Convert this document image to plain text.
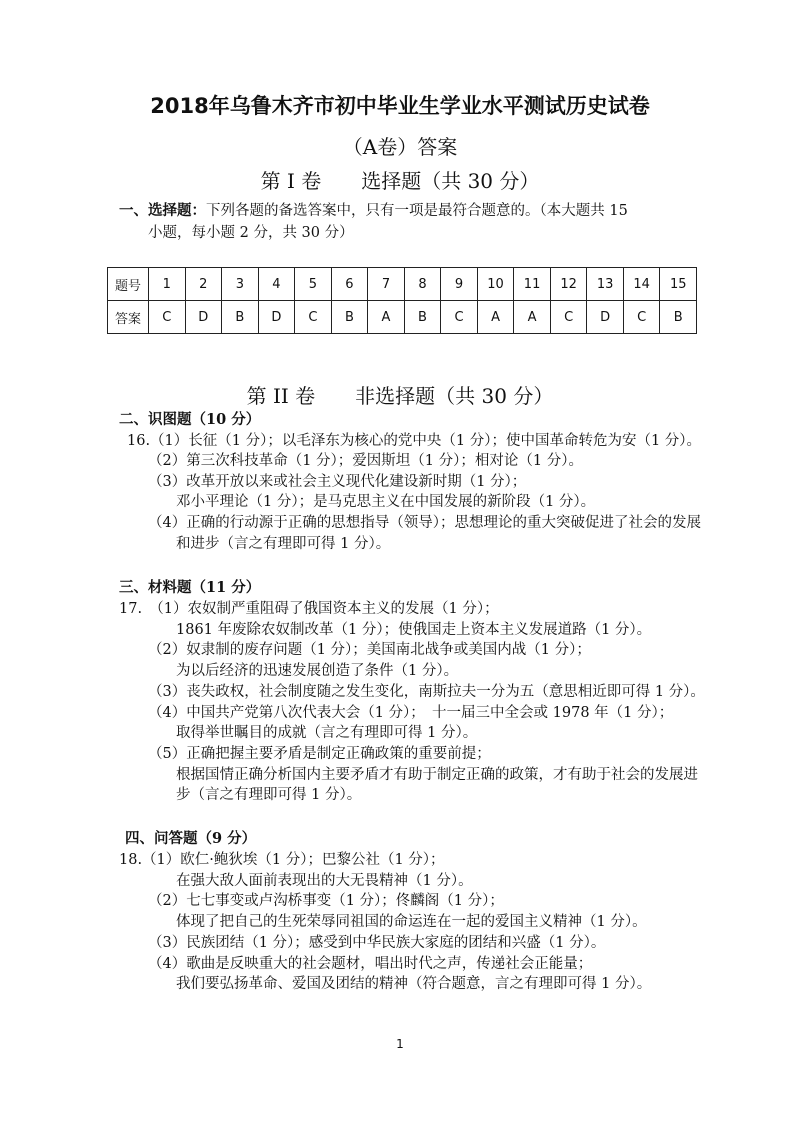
2018年乌鲁木齐市初中毕业生学业水平测试历史试卷
（A卷）答案
第 I 卷　　选择题（共 30 分）
一、选择题：下列各题的备选答案中，只有一项是最符合题意的。（本大题共 15
小题，每小题 2 分，共 30 分）
题号	1	2	3	4	5	6	7	8	9	10	11	12	13	14	15
答案	C	D	B	D	C	B	A	B	C	A	A	C	D	C	B
第 II 卷　　非选择题（共 30 分）
二、识图题（10 分）
16.（1）长征（1 分）；以毛泽东为核心的党中央（1 分）；使中国革命转危为安（1 分）。
（2）第三次科技革命（1 分）；爱因斯坦（1 分）；相对论（1 分）。
（3）改革开放以来或社会主义现代化建设新时期（1 分）；
邓小平理论（1 分）；是马克思主义在中国发展的新阶段（1 分）。
（4）正确的行动源于正确的思想指导（领导）；思想理论的重大突破促进了社会的发展
和进步（言之有理即可得 1 分）。
三、材料题（11 分）
17.　（1）农奴制严重阻碍了俄国资本主义的发展（1 分）；
1861 年废除农奴制改革（1 分）；使俄国走上资本主义发展道路（1 分）。
（2）奴隶制的废存问题（1 分）；美国南北战争或美国内战（1 分）；
为以后经济的迅速发展创造了条件（1 分）。
（3）丧失政权，社会制度随之发生变化，南斯拉夫一分为五（意思相近即可得 1 分）。
（4）中国共产党第八次代表大会（1 分）；　十一届三中全会或 1978 年（1 分）；
取得举世瞩目的成就（言之有理即可得 1 分）。
（5）正确把握主要矛盾是制定正确政策的重要前提；
根据国情正确分析国内主要矛盾才有助于制定正确的政策，才有助于社会的发展进
步（言之有理即可得 1 分）。
四、问答题（9 分）
18.（1）欧仁·鲍狄埃（1 分）；巴黎公社（1 分）；
在强大敌人面前表现出的大无畏精神（1 分）。
（2）七七事变或卢沟桥事变（1 分）；佟麟阁（1 分）；
体现了把自己的生死荣辱同祖国的命运连在一起的爱国主义精神（1 分）。
（3）民族团结（1 分）；感受到中华民族大家庭的团结和兴盛（1 分）。
（4）歌曲是反映重大的社会题材，唱出时代之声，传递社会正能量；
我们要弘扬革命、爱国及团结的精神（符合题意，言之有理即可得 1 分）。
1
